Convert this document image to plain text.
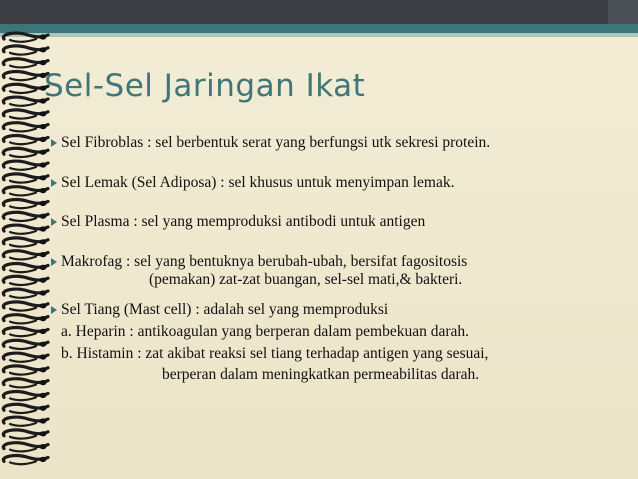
Sel-Sel Jaringan Ikat
Sel Fibroblas : sel berbentuk serat yang berfungsi utk sekresi protein.
Sel Lemak (Sel Adiposa) : sel khusus untuk menyimpan lemak.
Sel Plasma : sel yang memproduksi antibodi untuk antigen
Makrofag : sel yang bentuknya berubah-ubah, bersifat fagositosis
(pemakan) zat-zat buangan, sel-sel mati,& bakteri.
Sel Tiang (Mast cell) : adalah sel yang memproduksi
a. Heparin : antikoagulan yang berperan dalam pembekuan darah.
b. Histamin : zat akibat reaksi sel tiang terhadap antigen yang sesuai,
berperan dalam meningkatkan permeabilitas darah.
